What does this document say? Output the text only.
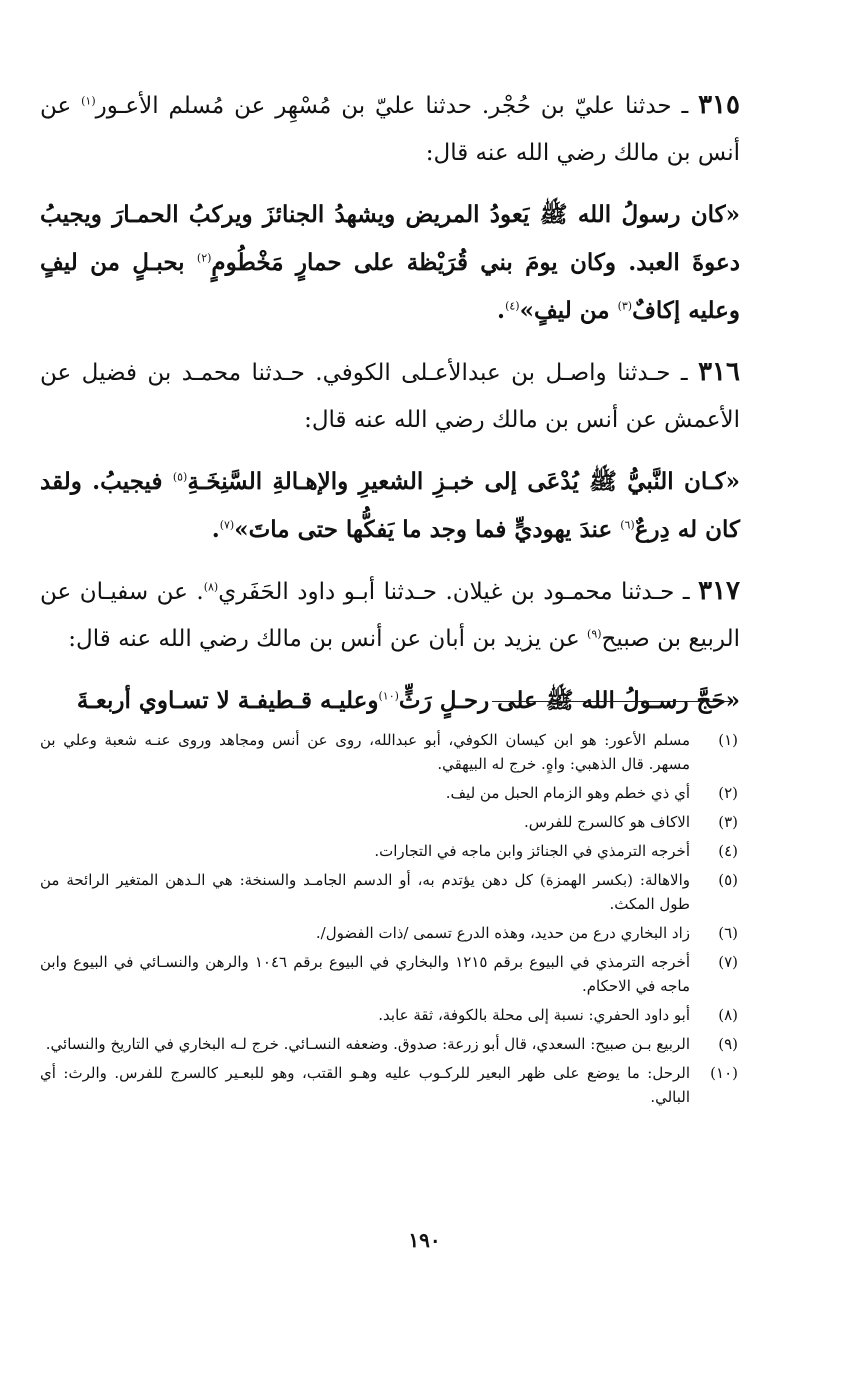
٣١٥ ـ حدثنا عليّ بن حُجْر. حدثنا عليّ بن مُسْهِر عن مُسلم الأعـور$^{(١)}$ عن أنس بن مالك رضي الله عنه قال:

«كان رسولُ الله ﷺ يَعودُ المريض ويشهدُ الجنائزَ ويركبُ الحمـارَ ويجيبُ دعوةَ العبد. وكان يومَ بني قُرَيْظة على حمارٍ مَخْطُومٍ$^{(٢)}$ بحبـلٍ من ليفٍ وعليه إكافٌ$^{(٣)}$ من ليفٍ»$^{(٤)}$.

٣١٦ ـ حـدثنا واصـل بن عبدالأعـلى الكوفي. حـدثنا محمـد بن فضيل عن الأعمش عن أنس بن مالك رضي الله عنه قال:

«كـان النَّبيُّ ﷺ يُدْعَى إلى خبـزِ الشعيرِ والإهـالةِ السَّنِخَـةِ$^{(٥)}$ فيجيبُ. ولقد كان له دِرعٌ$^{(٦)}$ عندَ يهوديٍّ فما وجد ما يَفكُّها حتى ماتَ»$^{(٧)}$.

٣١٧ ـ حـدثنا محمـود بن غيلان. حـدثنا أبـو داود الحَفَري$^{(٨)}$. عن سفيـان عن الربيع بن صبيح$^{(٩)}$ عن يزيد بن أبان عن أنس بن مالك رضي الله عنه قال:

«حَجَّ رسـولُ الله ﷺ على رحـلٍ رَثٍّ$^{(١٠)}$وعليـه قـطيفـة لا تسـاوي أربعـةَ

(١)
مسلم الأعور: هو ابن كيسان الكوفي، أبو عبدالله، روى عن أنس ومجاهد وروى عنـه شعبة وعلي بن مسهر. قال الذهبي: واهٍ. خرج له البيهقي.
(٢)
أي ذي خطم وهو الزمام الحبل من ليف.
(٣)
الاكاف هو كالسرج للفرس.
(٤)
أخرجه الترمذي في الجنائز وابن ماجه في التجارات.
(٥)
والاهالة: (بكسر الهمزة) كل دهن يؤتدم به، أو الدسم الجامـد والسنخة: هي الـدهن المتغير الرائحة من طول المكث.
(٦)
زاد البخاري درع من حديد، وهذه الدرع تسمى /ذات الفضول/.
(٧)
أخرجه الترمذي في البيوع برقم ١٢١٥ والبخاري في البيوع برقم ١٠٤٦ والرهن والنسـائي في البيوع وابن ماجه في الاحكام.
(٨)
أبو داود الحفري: نسبة إلى محلة بالكوفة، ثقة عابد.
(٩)
الربيع بـن صبيح: السعدي، قال أبو زرعة: صدوق. وضعفه النسـائي. خرج لـه البخاري في التاريخ والنسائي.
(١٠)
الرحل: ما يوضع على ظهر البعير للركـوب عليه وهـو القتب، وهو للبعـير كالسرج للفرس. والرث: أي البالي.
١٩٠
